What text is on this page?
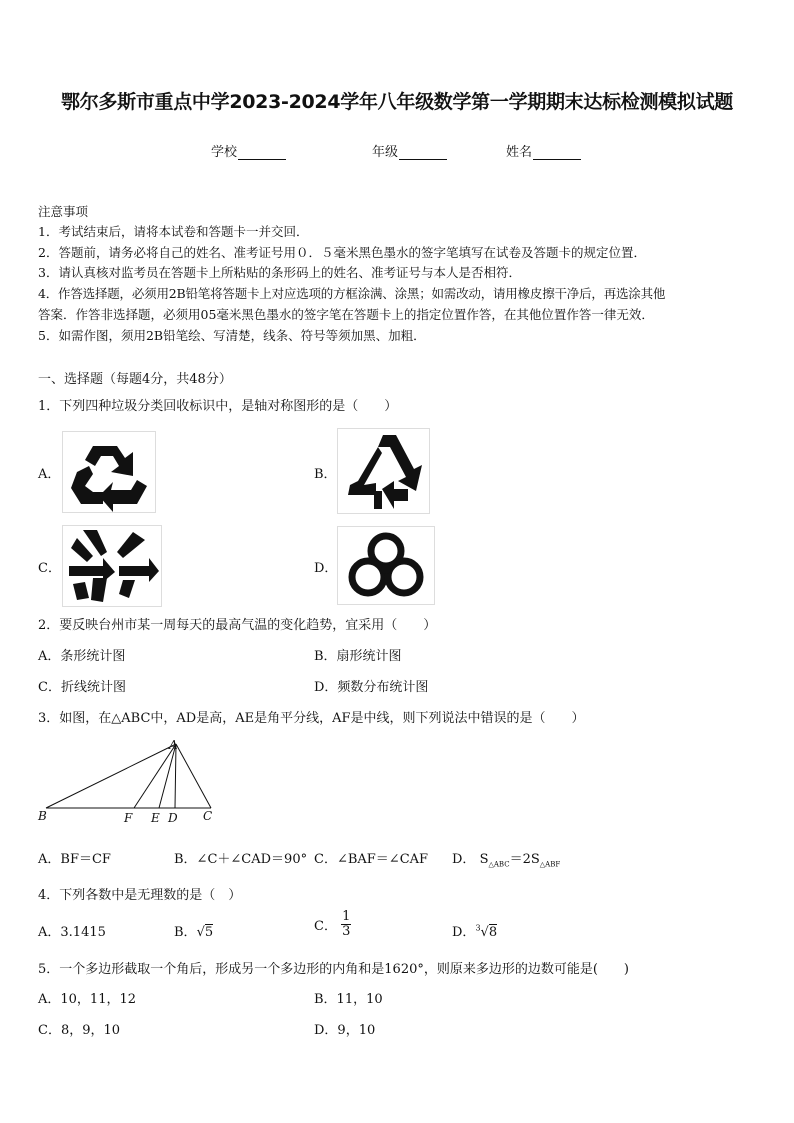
鄂尔多斯市重点中学2023-2024学年八年级数学第一学期期末达标检测模拟试题
学校	年级	姓名
注意事项
1．考试结束后，请将本试卷和答题卡一并交回．
2．答题前，请务必将自己的姓名、准考证号用０．５毫米黑色墨水的签字笔填写在试卷及答题卡的规定位置．
3．请认真核对监考员在答题卡上所粘贴的条形码上的姓名、准考证号与本人是否相符．
4．作答选择题，必须用2B铅笔将答题卡上对应选项的方框涂满、涂黑；如需改动，请用橡皮擦干净后，再选涂其他
答案．作答非选择题，必须用05毫米黑色墨水的签字笔在答题卡上的指定位置作答，在其他位置作答一律无效．
5．如需作图，须用2B铅笔绘、写清楚，线条、符号等须加黑、加粗．
一、选择题（每题4分，共48分）
1．下列四种垃圾分类回收标识中，是轴对称图形的是（　　）
A．	B．
C．	D．
2．要反映台州市某一周每天的最高气温的变化趋势，宜采用（　　）
A．条形统计图	B．扇形统计图
C．折线统计图	D．频数分布统计图
3．如图，在△ABC中，AD是高，AE是角平分线，AF是中线，则下列说法中错误的是（　　）
A
B	F E D C
A．BF＝CF	B．∠C＋∠CAD＝90° C．∠BAF＝∠CAF D． $S_{\triangle ABC}=2S_{\triangle ABF}$
4．下列各数中是无理数的是（　）
A．3.1415	B．√5	C． $\frac{1}{3}$	D．$^3$√8
5．一个多边形截取一个角后，形成另一个多边形的内角和是1620°，则原来多边形的边数可能是(　　)
A．10，11，12	B．11，10
C．8，9，10	D．9，10
